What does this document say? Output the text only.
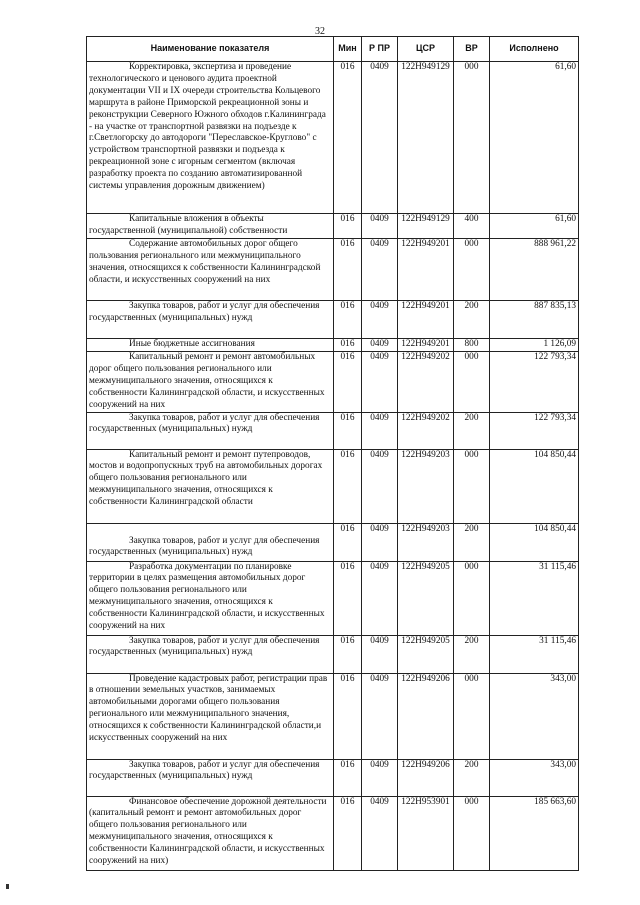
32
Наименование показателя	Мин	Р ПР	ЦСР	ВР	Исполнено

Корректировка, экспертиза и проведение технологического и ценового аудита проектной документации VII и IX очереди строительства Кольцевого маршрута в районе Приморской рекреационной зоны и реконструкции Северного Южного обходов г.Калининграда - на участке от транспортной развязки на подъезде к г.Светлогорску до автодороги "Переславское-Круглово" с устройством транспортной развязки и подъезда к рекреационной зоне с игорным сегментом (включая разработку проекта по созданию автоматизированной системы управления дорожным движением)	016	0409	122Н949129	000	61,60

Капитальные вложения в объекты государственной (муниципальной) собственности	016	0409	122Н949129	400	61,60

Содержание автомобильных дорог общего пользования регионального или межмуниципального значения, относящихся к собственности Калининградской области, и искусственных сооружений на них	016	0409	122Н949201	000	888 961,22

Закупка товаров, работ и услуг для обеспечения государственных (муниципальных) нужд	016	0409	122Н949201	200	887 835,13

Иные бюджетные ассигнования	016	0409	122Н949201	800	1 126,09

Капитальный ремонт и ремонт автомобильных дорог общего пользования регионального или межмуниципального значения, относящихся к собственности Калининградской области, и искусственных сооружений на них	016	0409	122Н949202	000	122 793,34

Закупка товаров, работ и услуг для обеспечения государственных (муниципальных) нужд	016	0409	122Н949202	200	122 793,34

Капитальный ремонт и ремонт путепроводов, мостов и водопропускных труб на автомобильных дорогах общего пользования регионального или межмуниципального значения, относящихся к собственности Калининградской области	016	0409	122Н949203	000	104 850,44

Закупка товаров, работ и услуг для обеспечения государственных (муниципальных) нужд	016	0409	122Н949203	200	104 850,44

Разработка документации по планировке территории в целях размещения автомобильных дорог общего пользования регионального или межмуниципального значения, относящихся к собственности Калининградской области, и искусственных сооружений на них	016	0409	122Н949205	000	31 115,46

Закупка товаров, работ и услуг для обеспечения государственных (муниципальных) нужд	016	0409	122Н949205	200	31 115,46

Проведение кадастровых работ, регистрации прав в отношении земельных участков, занимаемых автомобильными дорогами общего пользования регионального или межмуниципального значения, относящихся к собственности Калининградской области,и искусственных сооружений на них	016	0409	122Н949206	000	343,00

Закупка товаров, работ и услуг для обеспечения государственных (муниципальных) нужд	016	0409	122Н949206	200	343,00

Финансовое обеспечение дорожной деятельности (капитальный ремонт и ремонт автомобильных дорог общего пользования регионального или межмуниципального значения, относящихся к собственности Калининградской области, и искусственных сооружений на них)	016	0409	122Н953901	000	185 663,60
